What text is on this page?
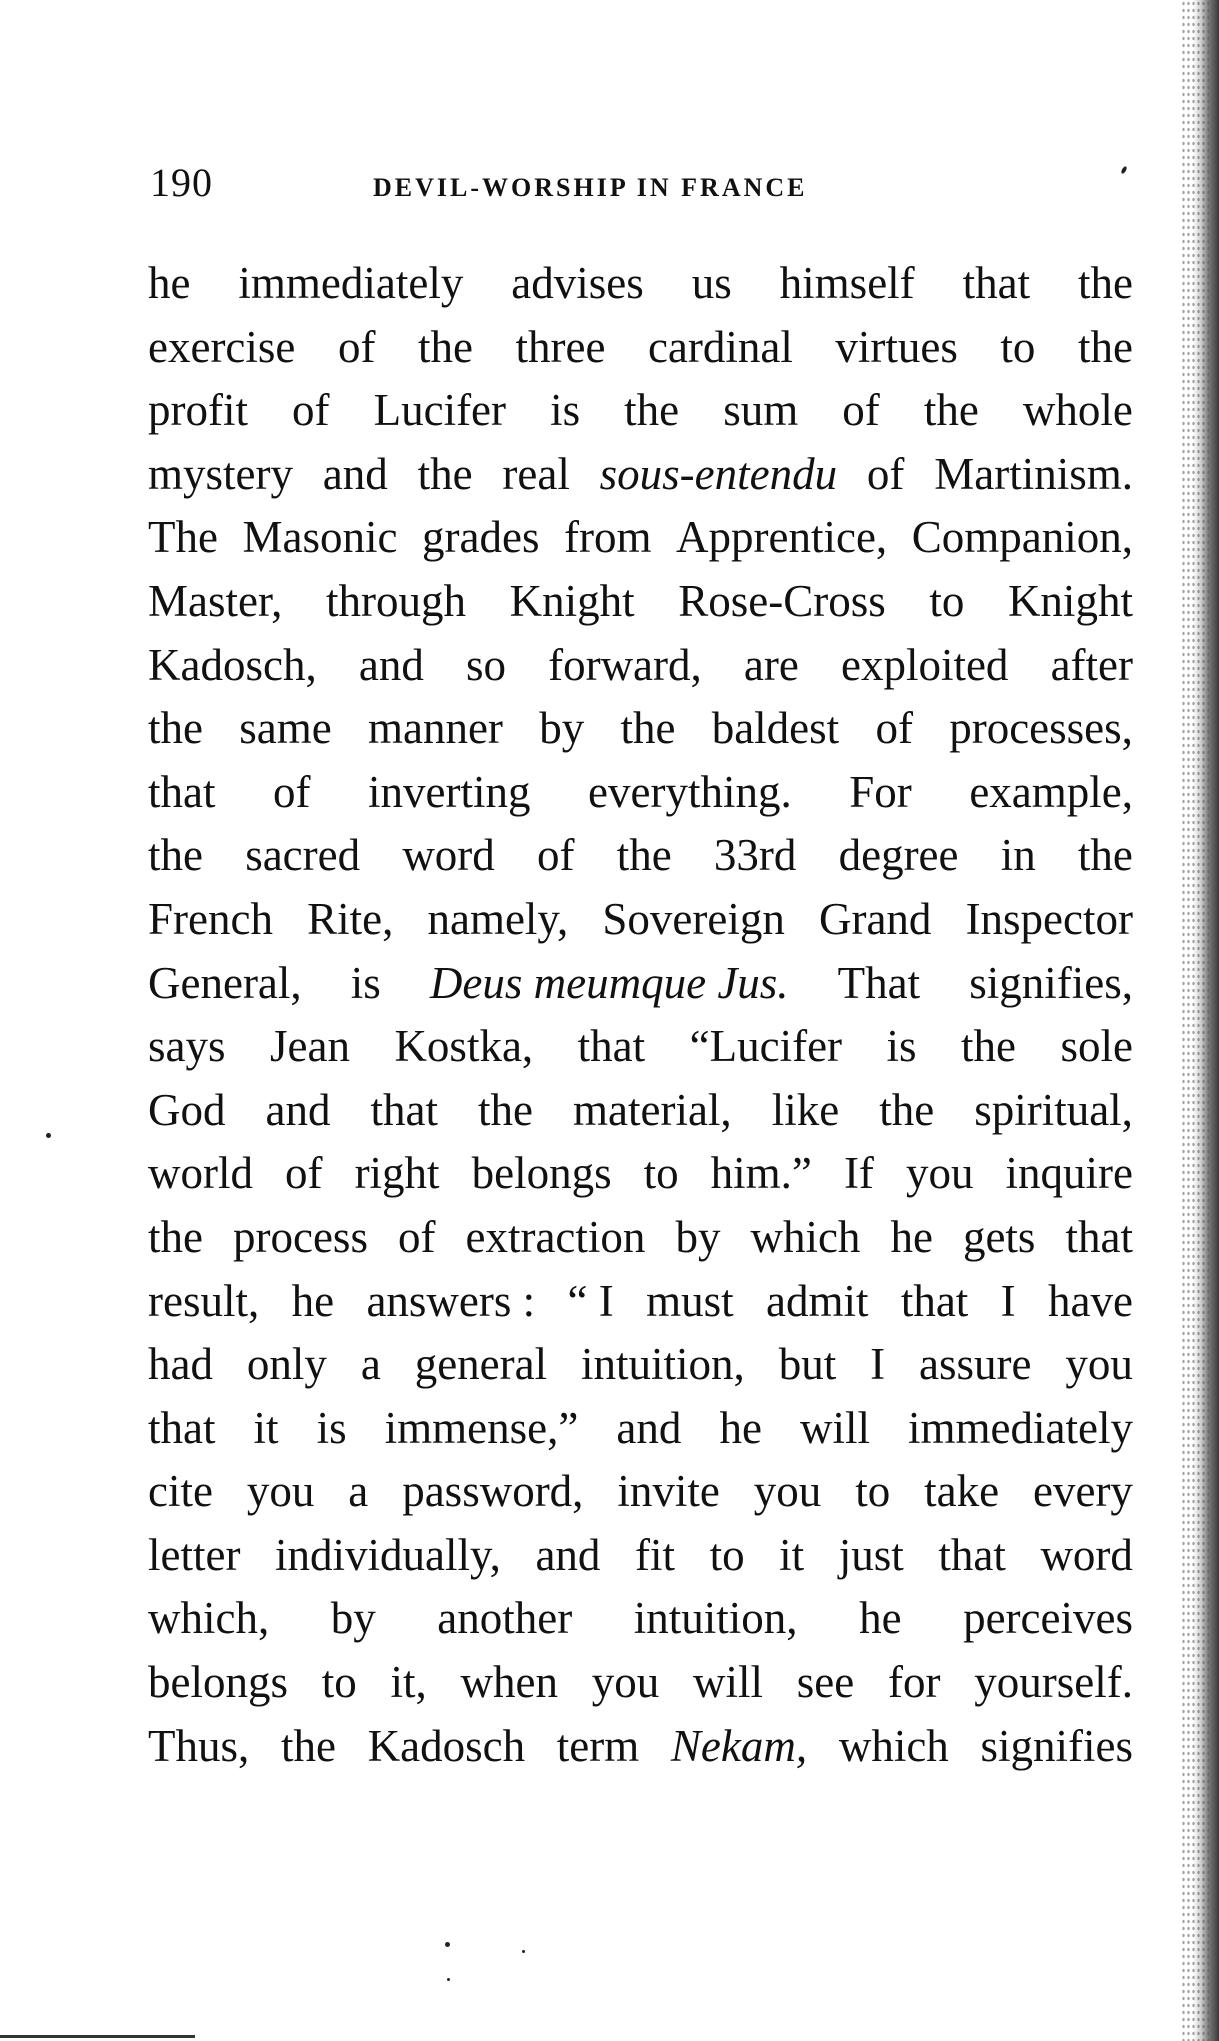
190	DEVIL-WORSHIP IN FRANCE
he immediately advises us himself that the
exercise of the three cardinal virtues to the
profit of Lucifer is the sum of the whole
mystery and the real sous-entendu of Martinism.
The Masonic grades from Apprentice, Companion,
Master, through Knight Rose-Cross to Knight
Kadosch, and so forward, are exploited after
the same manner by the baldest of processes,
that of inverting everything. For example,
the sacred word of the 33rd degree in the
French Rite, namely, Sovereign Grand Inspector
General, is Deus meumque Jus. That signifies,
says Jean Kostka, that “Lucifer is the sole
God and that the material, like the spiritual,
world of right belongs to him.” If you inquire
the process of extraction by which he gets that
result, he answers : “ I must admit that I have
had only a general intuition, but I assure you
that it is immense,” and he will immediately
cite you a password, invite you to take every
letter individually, and fit to it just that word
which, by another intuition, he perceives
belongs to it, when you will see for yourself.
Thus, the Kadosch term Nekam, which signifies
